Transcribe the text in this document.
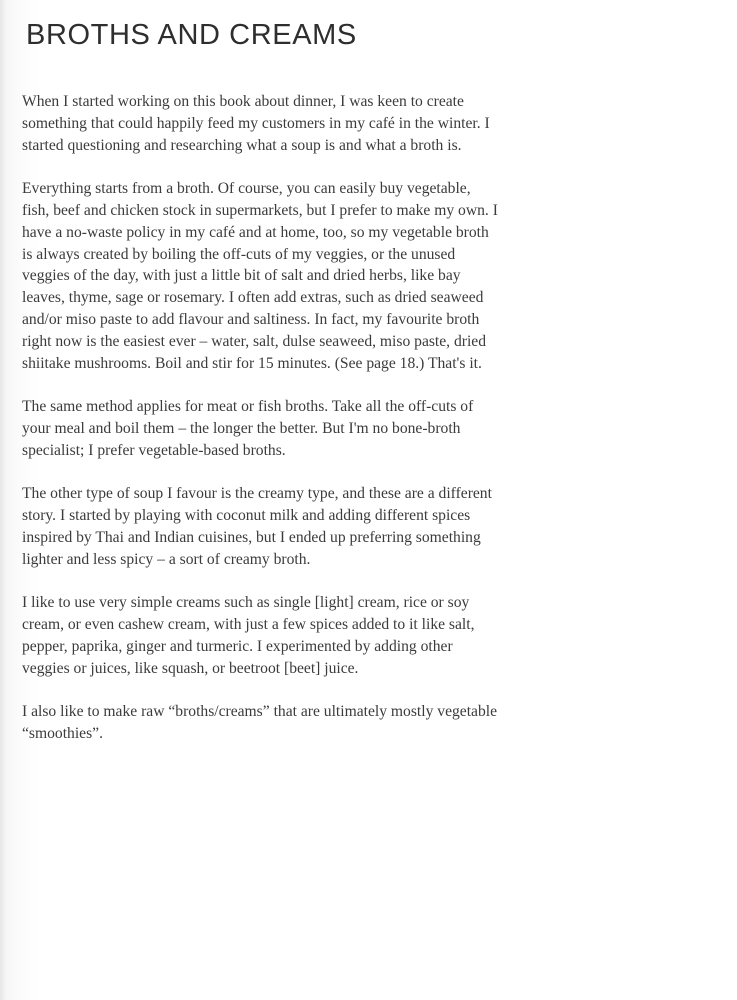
BROTHS AND CREAMS

When I started working on this book about dinner, I was keen to create something that could happily feed my customers in my café in the winter. I started questioning and researching what a soup is and what a broth is.

Everything starts from a broth. Of course, you can easily buy vegetable, fish, beef and chicken stock in supermarkets, but I prefer to make my own. I have a no-waste policy in my café and at home, too, so my vegetable broth is always created by boiling the off-cuts of my veggies, or the unused veggies of the day, with just a little bit of salt and dried herbs, like bay leaves, thyme, sage or rosemary. I often add extras, such as dried seaweed and/or miso paste to add flavour and saltiness. In fact, my favourite broth right now is the easiest ever – water, salt, dulse seaweed, miso paste, dried shiitake mushrooms. Boil and stir for 15 minutes. (See page 18.) That's it.

The same method applies for meat or fish broths. Take all the off-cuts of your meal and boil them – the longer the better. But I'm no bone-broth specialist; I prefer vegetable-based broths.

The other type of soup I favour is the creamy type, and these are a different story. I started by playing with coconut milk and adding different spices inspired by Thai and Indian cuisines, but I ended up preferring something lighter and less spicy – a sort of creamy broth.

I like to use very simple creams such as single [light] cream, rice or soy cream, or even cashew cream, with just a few spices added to it like salt, pepper, paprika, ginger and turmeric. I experimented by adding other veggies or juices, like squash, or beetroot [beet] juice.

I also like to make raw “broths/creams” that are ultimately mostly vegetable “smoothies”.
